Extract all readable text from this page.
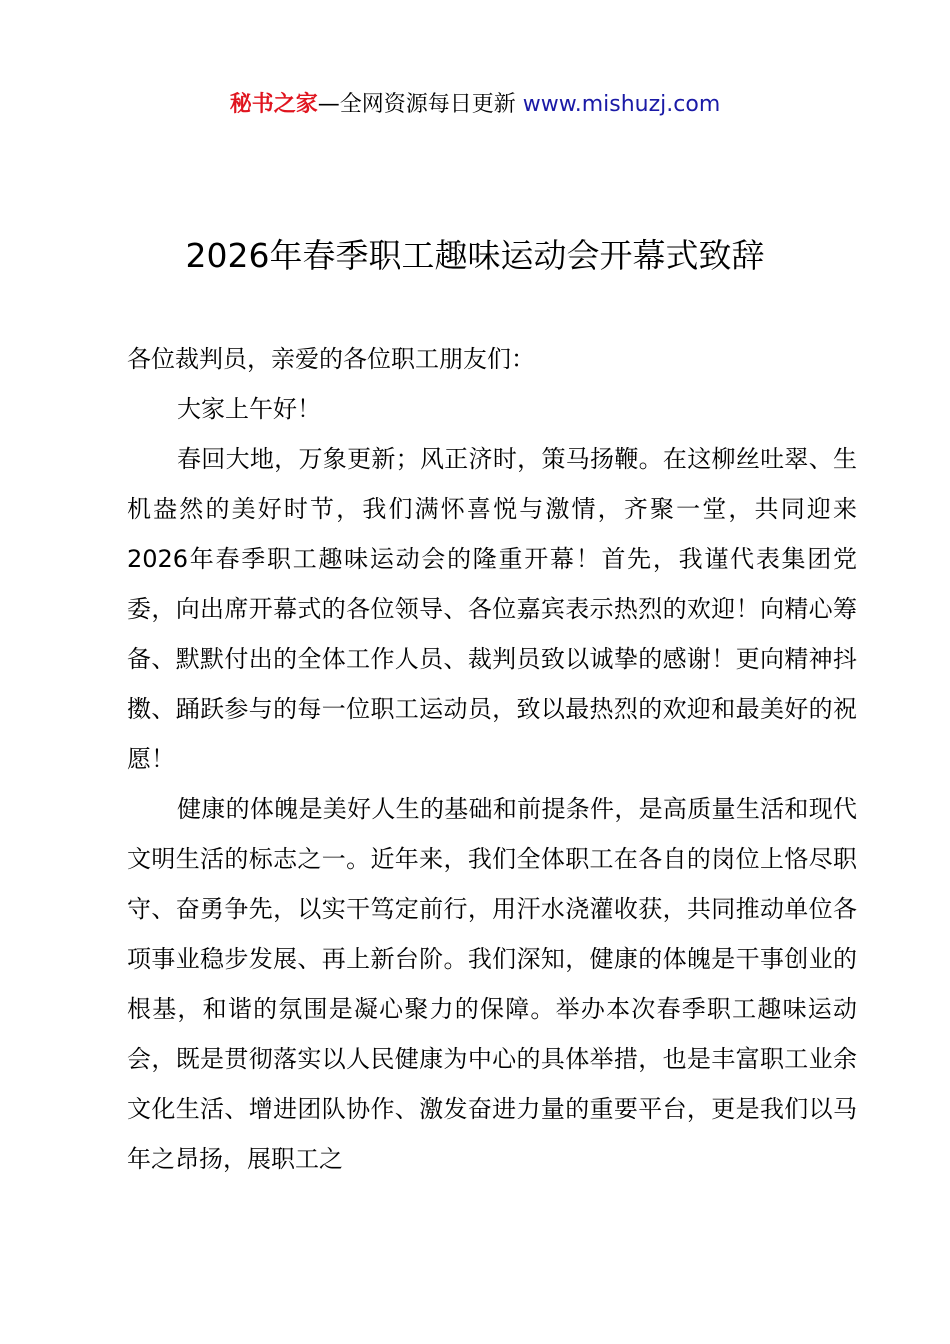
秘书之家—全网资源每日更新 www.mishuzj.com
2026年春季职工趣味运动会开幕式致辞

各位裁判员，亲爱的各位职工朋友们：

大家上午好！

春回大地，万象更新；风正济时，策马扬鞭。在这柳丝吐翠、生机盎然的美好时节，我们满怀喜悦与激情，齐聚一堂，共同迎来2026年春季职工趣味运动会的隆重开幕！首先，我谨代表集团党委，向出席开幕式的各位领导、各位嘉宾表示热烈的欢迎！向精心筹备、默默付出的全体工作人员、裁判员致以诚挚的感谢！更向精神抖擞、踊跃参与的每一位职工运动员，致以最热烈的欢迎和最美好的祝愿！

健康的体魄是美好人生的基础和前提条件，是高质量生活和现代文明生活的标志之一。近年来，我们全体职工在各自的岗位上恪尽职守、奋勇争先，以实干笃定前行，用汗水浇灌收获，共同推动单位各项事业稳步发展、再上新台阶。我们深知，健康的体魄是干事创业的根基，和谐的氛围是凝心聚力的保障。举办本次春季职工趣味运动会，既是贯彻落实以人民健康为中心的具体举措，也是丰富职工业余文化生活、增进团队协作、激发奋进力量的重要平台，更是我们以马年之昂扬，展职工之
